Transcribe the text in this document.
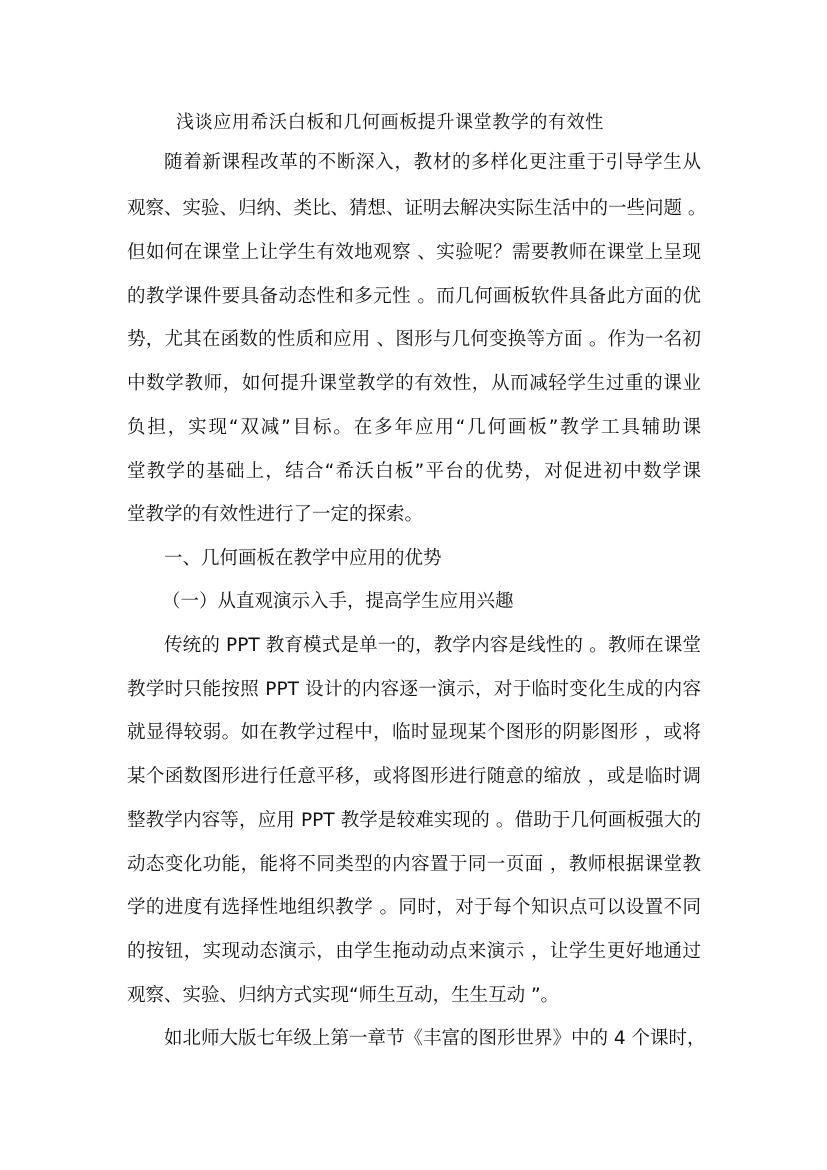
浅谈应用希沃白板和几何画板提升课堂教学的有效性
随着新课程改革的不断深入，教材的多样化更注重于引导学生从
观察、实验、归纳、类比、猜想、证明去解决实际生活中的一些问题 。
但如何在课堂上让学生有效地观察 、实验呢？需要教师在课堂上呈现
的教学课件要具备动态性和多元性 。而几何画板软件具备此方面的优
势，尤其在函数的性质和应用 、图形与几何变换等方面 。作为一名初
中数学教师，如何提升课堂教学的有效性，从而减轻学生过重的课业
负担，实现“双减”目标。在多年应用“几何画板”教学工具辅助课
堂教学的基础上，结合“希沃白板”平台的优势，对促进初中数学课
堂教学的有效性进行了一定的探索。
一、几何画板在教学中应用的优势
（一）从直观演示入手，提高学生应用兴趣
传统的 PPT 教育模式是单一的，教学内容是线性的 。教师在课堂
教学时只能按照 PPT 设计的内容逐一演示，对于临时变化生成的内容
就显得较弱。如在教学过程中，临时显现某个图形的阴影图形 ，或将
某个函数图形进行任意平移，或将图形进行随意的缩放 ，或是临时调
整教学内容等，应用 PPT 教学是较难实现的 。借助于几何画板强大的
动态变化功能，能将不同类型的内容置于同一页面 ，教师根据课堂教
学的进度有选择性地组织教学 。同时，对于每个知识点可以设置不同
的按钮，实现动态演示，由学生拖动动点来演示 ，让学生更好地通过
观察、实验、归纳方式实现“师生互动，生生互动 ”。
如北师大版七年级上第一章节《丰富的图形世界》中的 4 个课时，
